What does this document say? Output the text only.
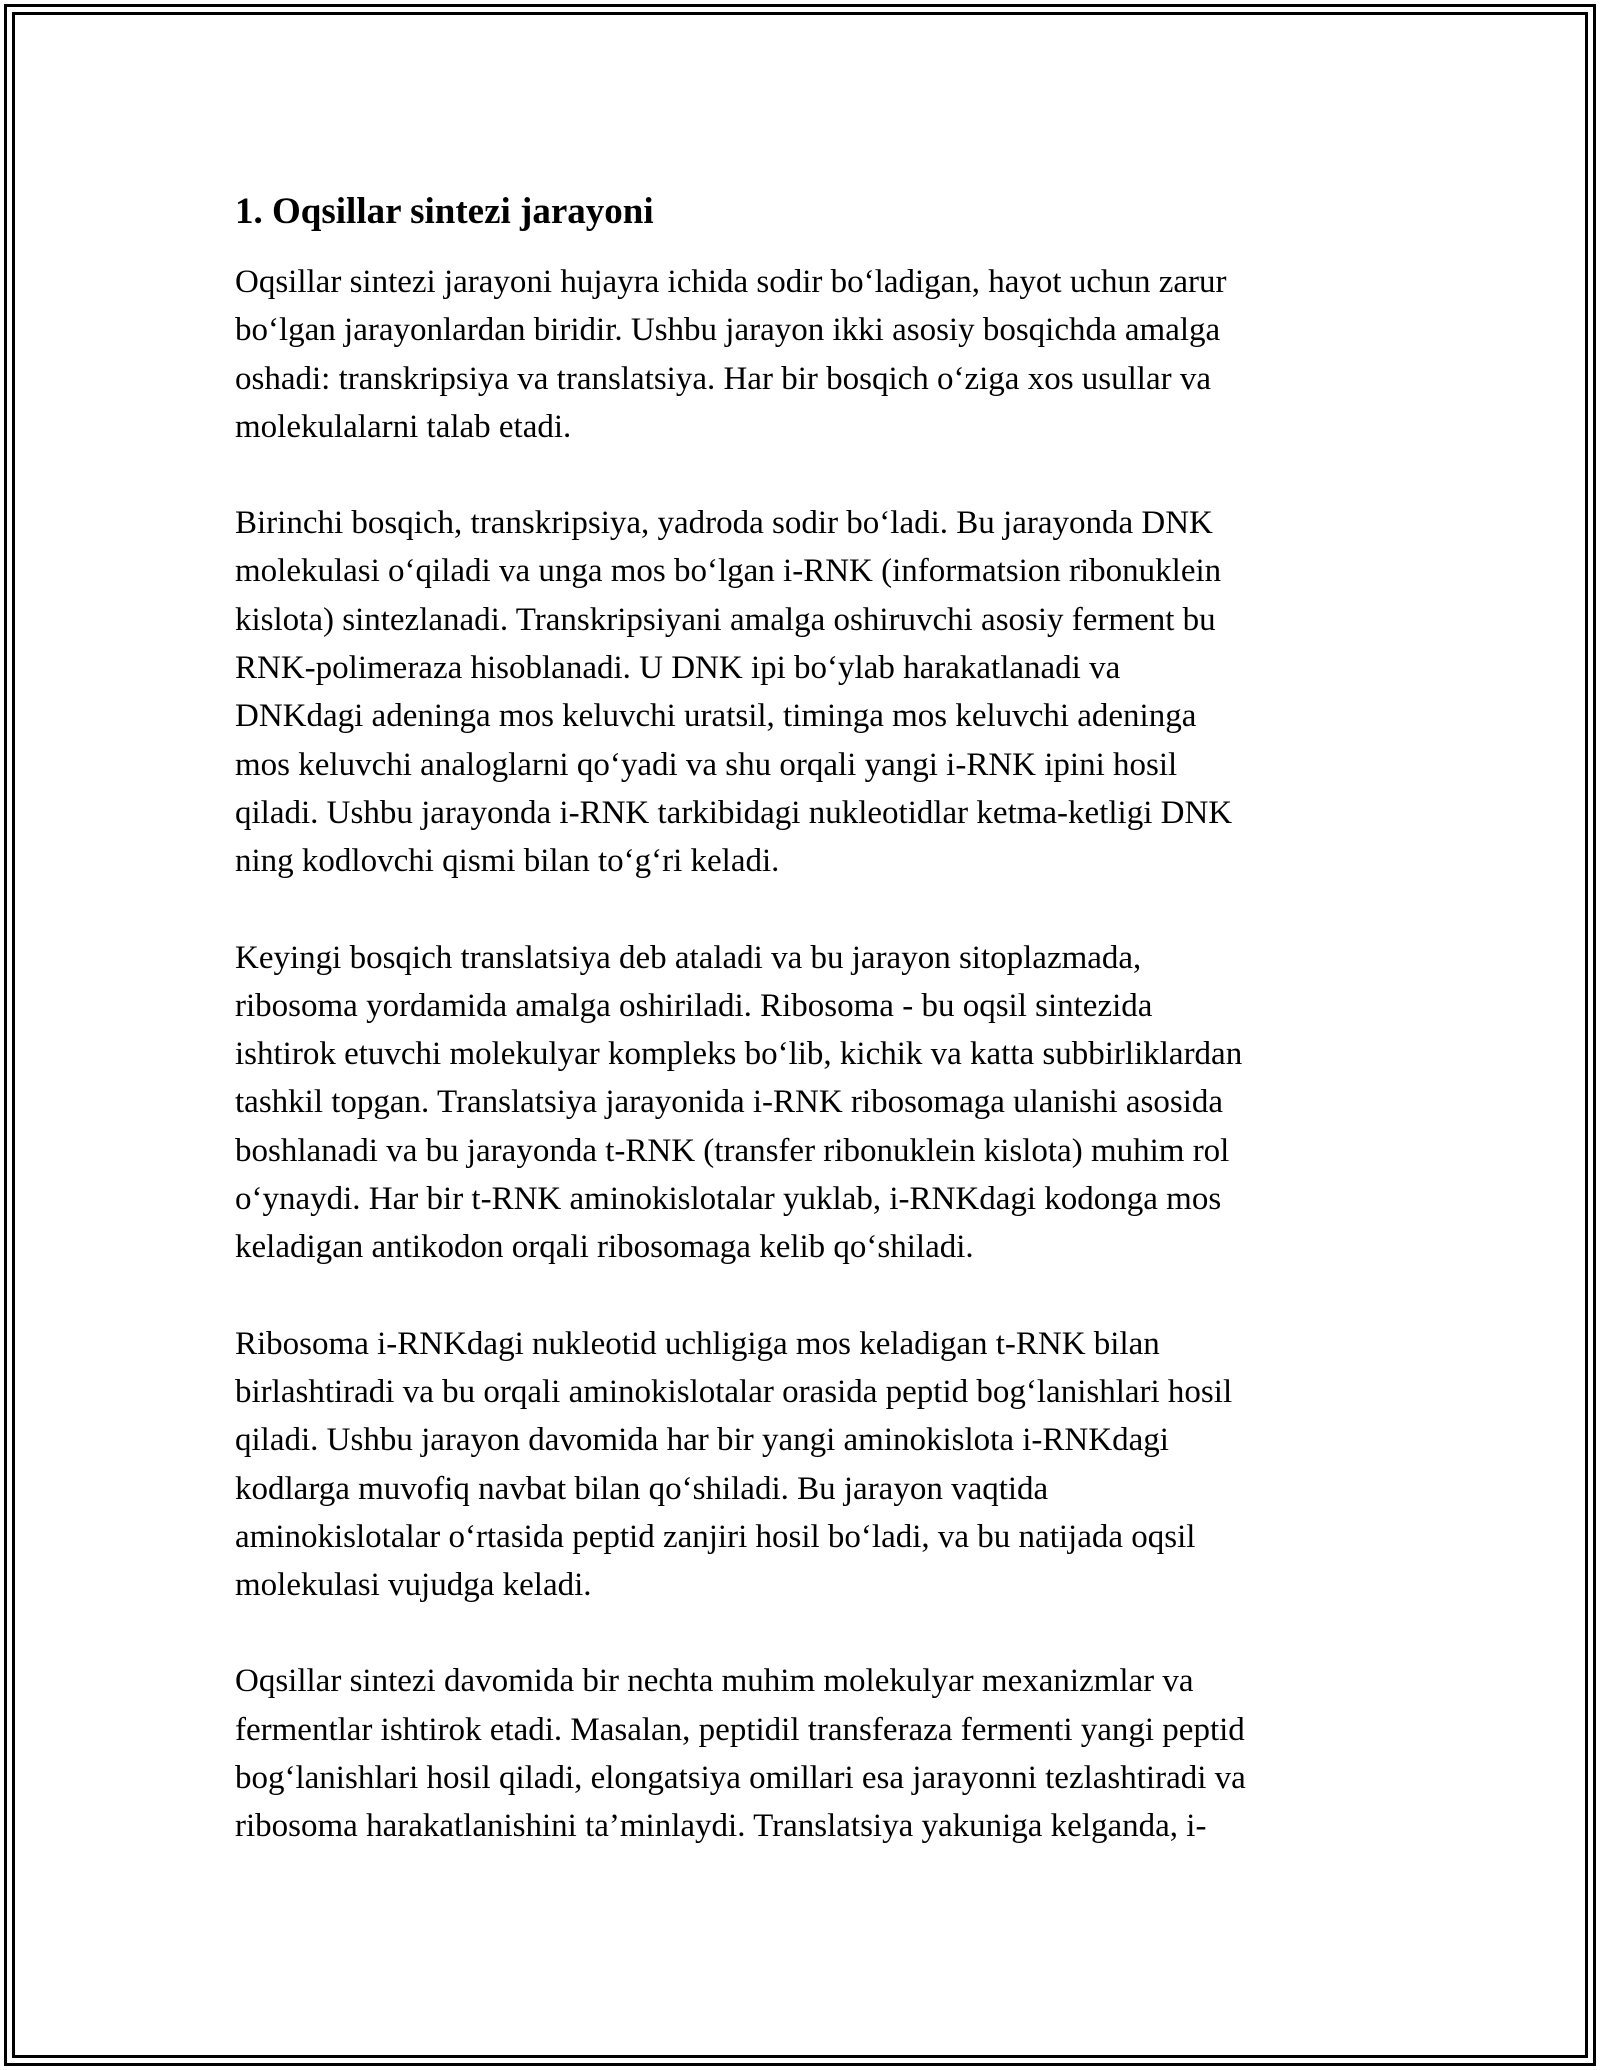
1. Oqsillar sintezi jarayoni

Oqsillar sintezi jarayoni hujayra ichida sodir bo‘ladigan, hayot uchun zarur
bo‘lgan jarayonlardan biridir. Ushbu jarayon ikki asosiy bosqichda amalga
oshadi: transkripsiya va translatsiya. Har bir bosqich o‘ziga xos usullar va
molekulalarni talab etadi.

Birinchi bosqich, transkripsiya, yadroda sodir bo‘ladi. Bu jarayonda DNK
molekulasi o‘qiladi va unga mos bo‘lgan i-RNK (informatsion ribonuklein
kislota) sintezlanadi. Transkripsiyani amalga oshiruvchi asosiy ferment bu
RNK-polimeraza hisoblanadi. U DNK ipi bo‘ylab harakatlanadi va
DNKdagi adeninga mos keluvchi uratsil, timinga mos keluvchi adeninga
mos keluvchi analoglarni qo‘yadi va shu orqali yangi i-RNK ipini hosil
qiladi. Ushbu jarayonda i-RNK tarkibidagi nukleotidlar ketma-ketligi DNK
ning kodlovchi qismi bilan to‘g‘ri keladi.

Keyingi bosqich translatsiya deb ataladi va bu jarayon sitoplazmada,
ribosoma yordamida amalga oshiriladi. Ribosoma - bu oqsil sintezida
ishtirok etuvchi molekulyar kompleks bo‘lib, kichik va katta subbirliklardan
tashkil topgan. Translatsiya jarayonida i-RNK ribosomaga ulanishi asosida
boshlanadi va bu jarayonda t-RNK (transfer ribonuklein kislota) muhim rol
o‘ynaydi. Har bir t-RNK aminokislotalar yuklab, i-RNKdagi kodonga mos
keladigan antikodon orqali ribosomaga kelib qo‘shiladi.

Ribosoma i-RNKdagi nukleotid uchligiga mos keladigan t-RNK bilan
birlashtiradi va bu orqali aminokislotalar orasida peptid bog‘lanishlari hosil
qiladi. Ushbu jarayon davomida har bir yangi aminokislota i-RNKdagi
kodlarga muvofiq navbat bilan qo‘shiladi. Bu jarayon vaqtida
aminokislotalar o‘rtasida peptid zanjiri hosil bo‘ladi, va bu natijada oqsil
molekulasi vujudga keladi.

Oqsillar sintezi davomida bir nechta muhim molekulyar mexanizmlar va
fermentlar ishtirok etadi. Masalan, peptidil transferaza fermenti yangi peptid
bog‘lanishlari hosil qiladi, elongatsiya omillari esa jarayonni tezlashtiradi va
ribosoma harakatlanishini ta’minlaydi. Translatsiya yakuniga kelganda, i-
